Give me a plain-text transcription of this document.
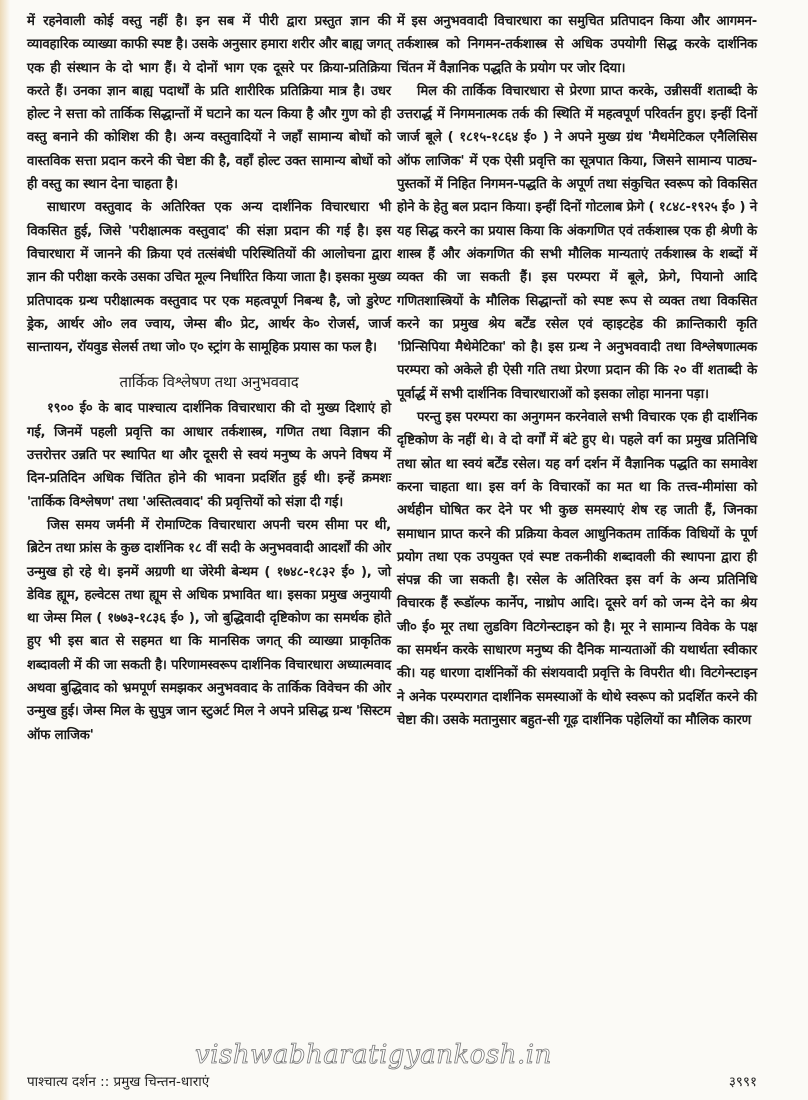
में रहनेवाली कोई वस्तु नहीं है। इन सब में पीरी द्वारा प्रस्तुत ज्ञान की व्यावहारिक व्याख्या काफी स्पष्ट है। उसके अनुसार हमारा शरीर और बाह्य जगत् एक ही संस्थान के दो भाग हैं। ये दोनों भाग एक दूसरे पर क्रिया-प्रतिक्रिया करते हैं। उनका ज्ञान बाह्य पदार्थों के प्रति शारीरिक प्रतिक्रिया मात्र है। उधर होल्ट ने सत्ता को तार्किक सिद्धान्तों में घटाने का यत्न किया है और गुण को ही वस्तु बनाने की कोशिश की है। अन्य वस्तुवादियों ने जहाँ सामान्य बोधों को वास्तविक सत्ता प्रदान करने की चेष्टा की है, वहाँ होल्ट उक्त सामान्य बोधों को ही वस्तु का स्थान देना चाहता है।

साधारण वस्तुवाद के अतिरिक्त एक अन्य दार्शनिक विचारधारा भी विकसित हुई, जिसे 'परीक्षात्मक वस्तुवाद' की संज्ञा प्रदान की गई है। इस विचारधारा में जानने की क्रिया एवं तत्संबंधी परिस्थितियों की आलोचना द्वारा ज्ञान की परीक्षा करके उसका उचित मूल्य निर्धारित किया जाता है। इसका मुख्य प्रतिपादक ग्रन्थ परीक्षात्मक वस्तुवाद पर एक महत्वपूर्ण निबन्ध है, जो डुरेण्ट ड्रेक, आर्थर ओ० लव ज्वाय, जेम्स बी० प्रेट, आर्थर के० रोजर्स, जार्ज सान्तायन, रॉयवुड सेलर्स तथा जो० ए० स्ट्रांग के सामूहिक प्रयास का फल है।

तार्किक विश्लेषण तथा अनुभववाद

१९०० ई० के बाद पाश्चात्य दार्शनिक विचारधारा की दो मुख्य दिशाएं हो गई, जिनमें पहली प्रवृत्ति का आधार तर्कशास्त्र, गणित तथा विज्ञान की उत्तरोत्तर उन्नति पर स्थापित था और दूसरी से स्वयं मनुष्य के अपने विषय में दिन-प्रतिदिन अधिक चिंतित होने की भावना प्रदर्शित हुई थी। इन्हें क्रमशः 'तार्किक विश्लेषण' तथा 'अस्तित्ववाद' की प्रवृत्तियों को संज्ञा दी गई।

जिस समय जर्मनी में रोमाण्टिक विचारधारा अपनी चरम सीमा पर थी, ब्रिटेन तथा फ्रांस के कुछ दार्शनिक १८ वीं सदी के अनुभववादी आदर्शों की ओर उन्मुख हो रहे थे। इनमें अग्रणी था जेरेमी बेन्थम ( १७४८-१८३२ ई० ), जो डेविड ह्यूम, हल्वेटस तथा ह्यूम से अधिक प्रभावित था। इसका प्रमुख अनुयायी था जेम्स मिल ( १७७३-१८३६ ई० ), जो बुद्धिवादी दृष्टिकोण का समर्थक होते हुए भी इस बात से सहमत था कि मानसिक जगत् की व्याख्या प्राकृतिक शब्दावली में की जा सकती है। परिणामस्वरूप दार्शनिक विचारधारा अध्यात्मवाद अथवा बुद्धिवाद को भ्रमपूर्ण समझकर अनुभववाद के तार्किक विवेचन की ओर उन्मुख हुई। जेम्स मिल के सुपुत्र जान स्टुअर्ट मिल ने अपने प्रसिद्ध ग्रन्थ 'सिस्टम ऑफ लाजिक'

में इस अनुभववादी विचारधारा का समुचित प्रतिपादन किया और आगमन-तर्कशास्त्र को निगमन-तर्कशास्त्र से अधिक उपयोगी सिद्ध करके दार्शनिक चिंतन में वैज्ञानिक पद्धति के प्रयोग पर जोर दिया।

मिल की तार्किक विचारधारा से प्रेरणा प्राप्त करके, उन्नीसवीं शताब्दी के उत्तरार्द्ध में निगमनात्मक तर्क की स्थिति में महत्वपूर्ण परिवर्तन हुए। इन्हीं दिनों जार्ज बूले ( १८१५-१८६४ ई० ) ने अपने मुख्य ग्रंथ 'मैथमेटिकल एनैलिसिस ऑफ लाजिक' में एक ऐसी प्रवृत्ति का सूत्रपात किया, जिसने सामान्य पाठ्य-पुस्तकों में निहित निगमन-पद्धति के अपूर्ण तथा संकुचित स्वरूप को विकसित होने के हेतु बल प्रदान किया। इन्हीं दिनों गोटलाब फ्रेगे ( १८४८-१९२५ ई० ) ने यह सिद्ध करने का प्रयास किया कि अंकगणित एवं तर्कशास्त्र एक ही श्रेणी के शास्त्र हैं और अंकगणित की सभी मौलिक मान्यताएं तर्कशास्त्र के शब्दों में व्यक्त की जा सकती हैं। इस परम्परा में बूले, फ्रेगे, पियानो आदि गणितशास्त्रियों के मौलिक सिद्धान्तों को स्पष्ट रूप से व्यक्त तथा विकसित करने का प्रमुख श्रेय बर्टेंड रसेल एवं व्हाइटहेड की क्रान्तिकारी कृति 'प्रिन्सिपिया मैथेमेटिका' को है। इस ग्रन्थ ने अनुभववादी तथा विश्लेषणात्मक परम्परा को अकेले ही ऐसी गति तथा प्रेरणा प्रदान की कि २० वीं शताब्दी के पूर्वार्द्ध में सभी दार्शनिक विचारधाराओं को इसका लोहा मानना पड़ा।

परन्तु इस परम्परा का अनुगमन करनेवाले सभी विचारक एक ही दार्शनिक दृष्टिकोण के नहीं थे। वे दो वर्गों में बंटे हुए थे। पहले वर्ग का प्रमुख प्रतिनिधि तथा स्रोत था स्वयं बर्टेंड रसेल। यह वर्ग दर्शन में वैज्ञानिक पद्धति का समावेश करना चाहता था। इस वर्ग के विचारकों का मत था कि तत्त्व-मीमांसा को अर्थहीन घोषित कर देने पर भी कुछ समस्याएं शेष रह जाती हैं, जिनका समाधान प्राप्त करने की प्रक्रिया केवल आधुनिकतम तार्किक विधियों के पूर्ण प्रयोग तथा एक उपयुक्त एवं स्पष्ट तकनीकी शब्दावली की स्थापना द्वारा ही संपन्न की जा सकती है। रसेल के अतिरिक्त इस वर्ग के अन्य प्रतिनिधि विचारक हैं रूडॉल्फ कार्नेप, नाथ्रोप आदि। दूसरे वर्ग को जन्म देने का श्रेय जी० ई० मूर तथा लुडविग विटगेन्स्टाइन को है। मूर ने सामान्य विवेक के पक्ष का समर्थन करके साधारण मनुष्य की दैनिक मान्यताओं की यथार्थता स्वीकार की। यह धारणा दार्शनिकों की संशयवादी प्रवृत्ति के विपरीत थी। विटगेन्स्टाइन ने अनेक परम्परागत दार्शनिक समस्याओं के थोथे स्वरूप को प्रदर्शित करने की चेष्टा की। उसके मतानुसार बहुत-सी गूढ़ दार्शनिक पहेलियों का मौलिक कारण

vishwabharatigyankosh.in
पाश्चात्य दर्शन :: प्रमुख चिन्तन-धाराएं	३९९१
